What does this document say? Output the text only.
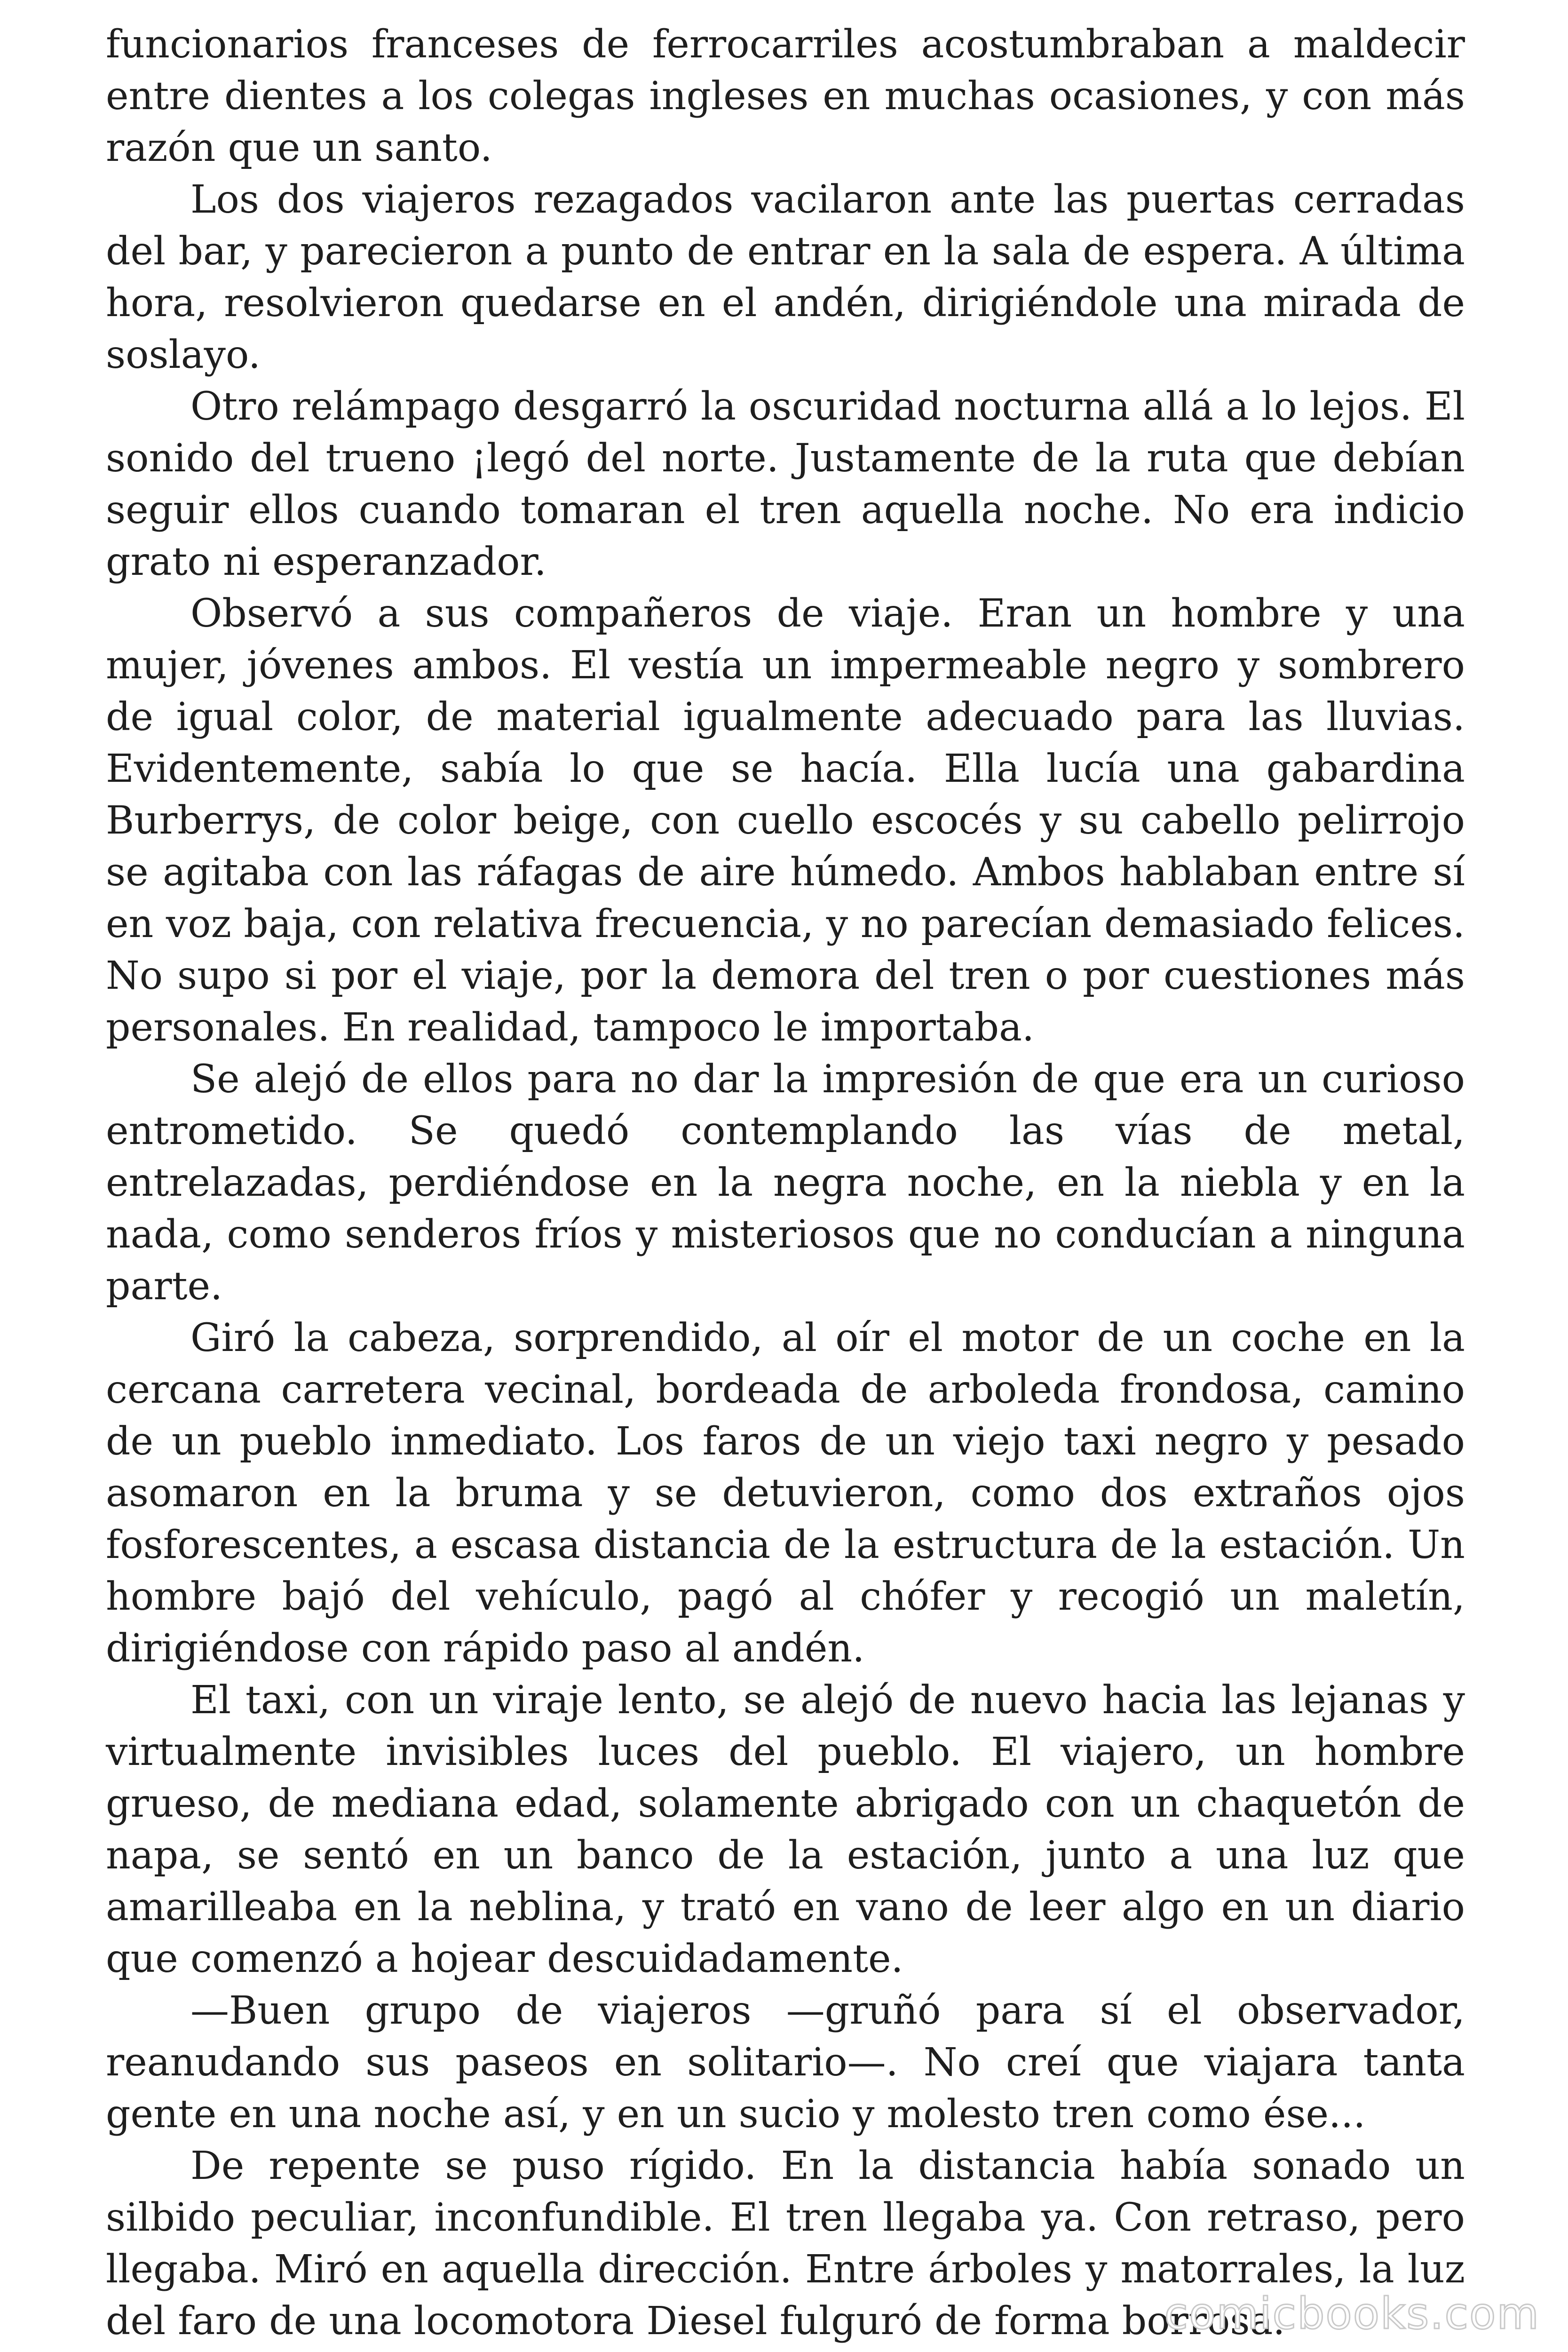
funcionarios franceses de ferrocarriles acostumbraban a maldecir entre dientes a los colegas ingleses en muchas ocasiones, y con más razón que un santo.

Los dos viajeros rezagados vacilaron ante las puertas cerradas del bar, y parecieron a punto de entrar en la sala de espera. A última hora, resolvieron quedarse en el andén, dirigiéndole una mirada de soslayo.

Otro relámpago desgarró la oscuridad nocturna allá a lo lejos. El sonido del trueno ¡legó del norte. Justamente de la ruta que debían seguir ellos cuando tomaran el tren aquella noche. No era indicio grato ni esperanzador.

Observó a sus compañeros de viaje. Eran un hombre y una mujer, jóvenes ambos. El vestía un impermeable negro y sombrero de igual color, de material igualmente adecuado para las lluvias. Evidentemente, sabía lo que se hacía. Ella lucía una gabardina Burberrys, de color beige, con cuello escocés y su cabello pelirrojo se agitaba con las ráfagas de aire húmedo. Ambos hablaban entre sí en voz baja, con relativa frecuencia, y no parecían demasiado felices. No supo si por el viaje, por la demora del tren o por cuestiones más personales. En realidad, tampoco le importaba.

Se alejó de ellos para no dar la impresión de que era un curioso entrometido. Se quedó contemplando las vías de metal, entrelazadas, perdiéndose en la negra noche, en la niebla y en la nada, como senderos fríos y misteriosos que no conducían a ninguna parte.

Giró la cabeza, sorprendido, al oír el motor de un coche en la cercana carretera vecinal, bordeada de arboleda frondosa, camino de un pueblo inmediato. Los faros de un viejo taxi negro y pesado asomaron en la bruma y se detuvieron, como dos extraños ojos fosforescentes, a escasa distancia de la estructura de la estación. Un hombre bajó del vehículo, pagó al chófer y recogió un maletín, dirigiéndose con rápido paso al andén.

El taxi, con un viraje lento, se alejó de nuevo hacia las lejanas y virtualmente invisibles luces del pueblo. El viajero, un hombre grueso, de mediana edad, solamente abrigado con un chaquetón de napa, se sentó en un banco de la estación, junto a una luz que amarilleaba en la neblina, y trató en vano de leer algo en un diario que comenzó a hojear descuidadamente.

—Buen grupo de viajeros —gruñó para sí el observador, reanudando sus paseos en solitario—. No creí que viajara tanta gente en una noche así, y en un sucio y molesto tren como ése...

De repente se puso rígido. En la distancia había sonado un silbido peculiar, inconfundible. El tren llegaba ya. Con retraso, pero llegaba. Miró en aquella dirección. Entre árboles y matorrales, la luz del faro de una locomotora Diesel fulguró de forma borrosa.

comicbooks.com
